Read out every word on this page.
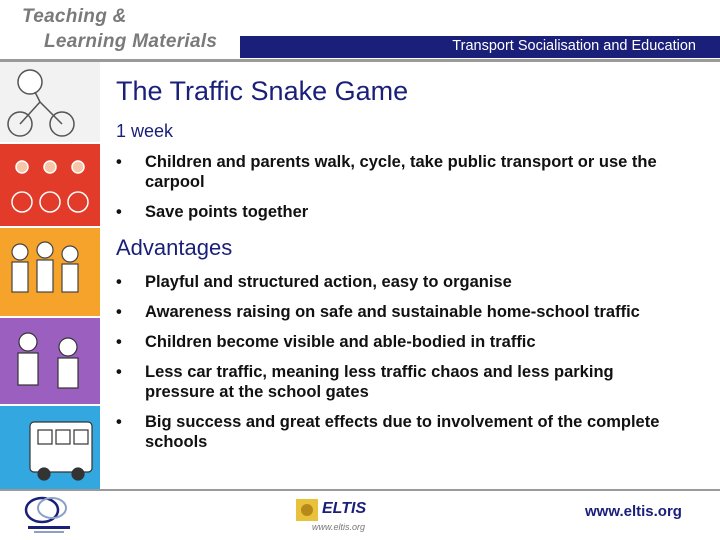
Teaching &
Learning Materials	Transport Socialisation and Education
The Traffic Snake Game
1 week
• Children and parents walk, cycle, take public transport or use the carpool
• Save points together
Advantages
• Playful and structured action, easy to organise
• Awareness raising on safe and sustainable home-school traffic
• Children become visible and able-bodied in traffic
• Less car traffic, meaning less traffic chaos and less parking pressure at the school gates
• Big success and great effects due to involvement of the complete schools
ELTIS
www.eltis.org
www.eltis.org
